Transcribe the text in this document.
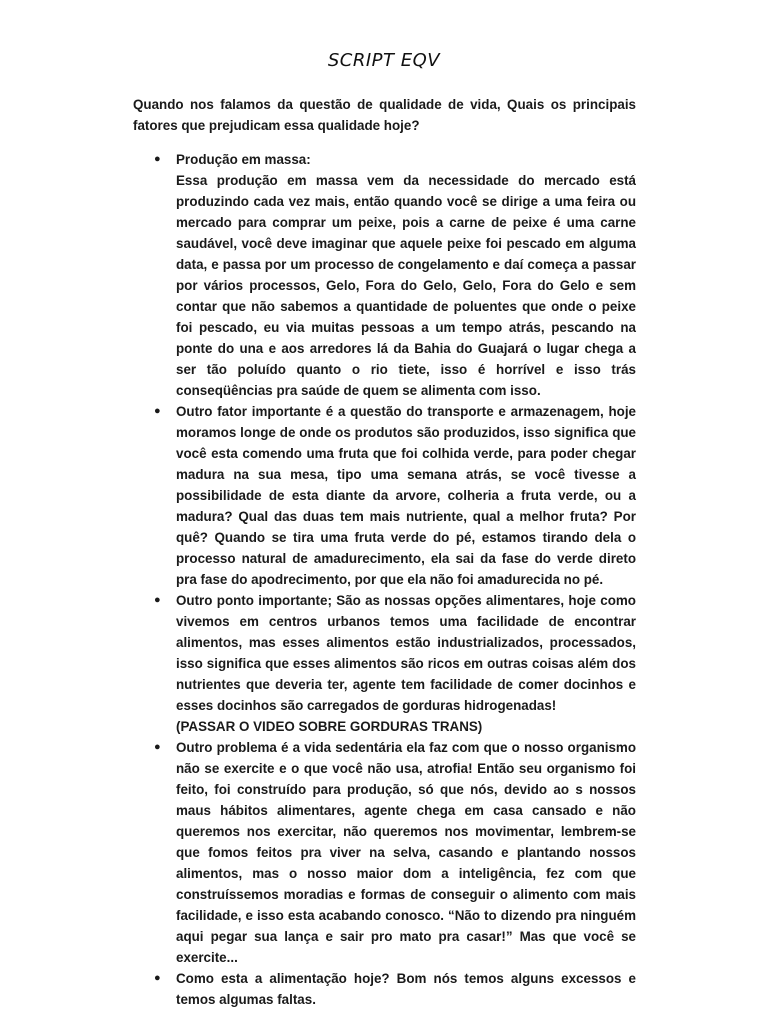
SCRIPT EQV

Quando nos falamos da questão de qualidade de vida, Quais os principais fatores que prejudicam essa qualidade hoje?

● Produção em massa:
Essa produção em massa vem da necessidade do mercado está produzindo cada vez mais, então quando você se dirige a uma feira ou mercado para comprar um peixe, pois a carne de peixe é uma carne saudável, você deve imaginar que aquele peixe foi pescado em alguma data, e passa por um processo de congelamento e daí começa a passar por vários processos, Gelo, Fora do Gelo, Gelo, Fora do Gelo e sem contar que não sabemos a quantidade de poluentes que onde o peixe foi pescado, eu via muitas pessoas a um tempo atrás, pescando na ponte do una e aos arredores lá da Bahia do Guajará o lugar chega a ser tão poluído quanto o rio tiete, isso é horrível e isso trás conseqüências pra saúde de quem se alimenta com isso.
● Outro fator importante é a questão do transporte e armazenagem, hoje moramos longe de onde os produtos são produzidos, isso significa que você esta comendo uma fruta que foi colhida verde, para poder chegar madura na sua mesa, tipo uma semana atrás, se você tivesse a possibilidade de esta diante da arvore, colheria a fruta verde, ou a madura? Qual das duas tem mais nutriente, qual a melhor fruta? Por quê? Quando se tira uma fruta verde do pé, estamos tirando dela o processo natural de amadurecimento, ela sai da fase do verde direto pra fase do apodrecimento, por que ela não foi amadurecida no pé.
● Outro ponto importante; São as nossas opções alimentares, hoje como vivemos em centros urbanos temos uma facilidade de encontrar alimentos, mas esses alimentos estão industrializados, processados, isso significa que esses alimentos são ricos em outras coisas além dos nutrientes que deveria ter, agente tem facilidade de comer docinhos e esses docinhos são carregados de gorduras hidrogenadas!
(PASSAR O VIDEO SOBRE GORDURAS TRANS)
● Outro problema é a vida sedentária ela faz com que o nosso organismo não se exercite e o que você não usa, atrofia! Então seu organismo foi feito, foi construído para produção, só que nós, devido ao s nossos maus hábitos alimentares, agente chega em casa cansado e não queremos nos exercitar, não queremos nos movimentar, lembrem-se que fomos feitos pra viver na selva, casando e plantando nossos alimentos, mas o nosso maior dom a inteligência, fez com que construíssemos moradias e formas de conseguir o alimento com mais facilidade, e isso esta acabando conosco. “Não to dizendo pra ninguém aqui pegar sua lança e sair pro mato pra casar!” Mas que você se exercite...
● Como esta a alimentação hoje? Bom nós temos alguns excessos e temos algumas faltas.
